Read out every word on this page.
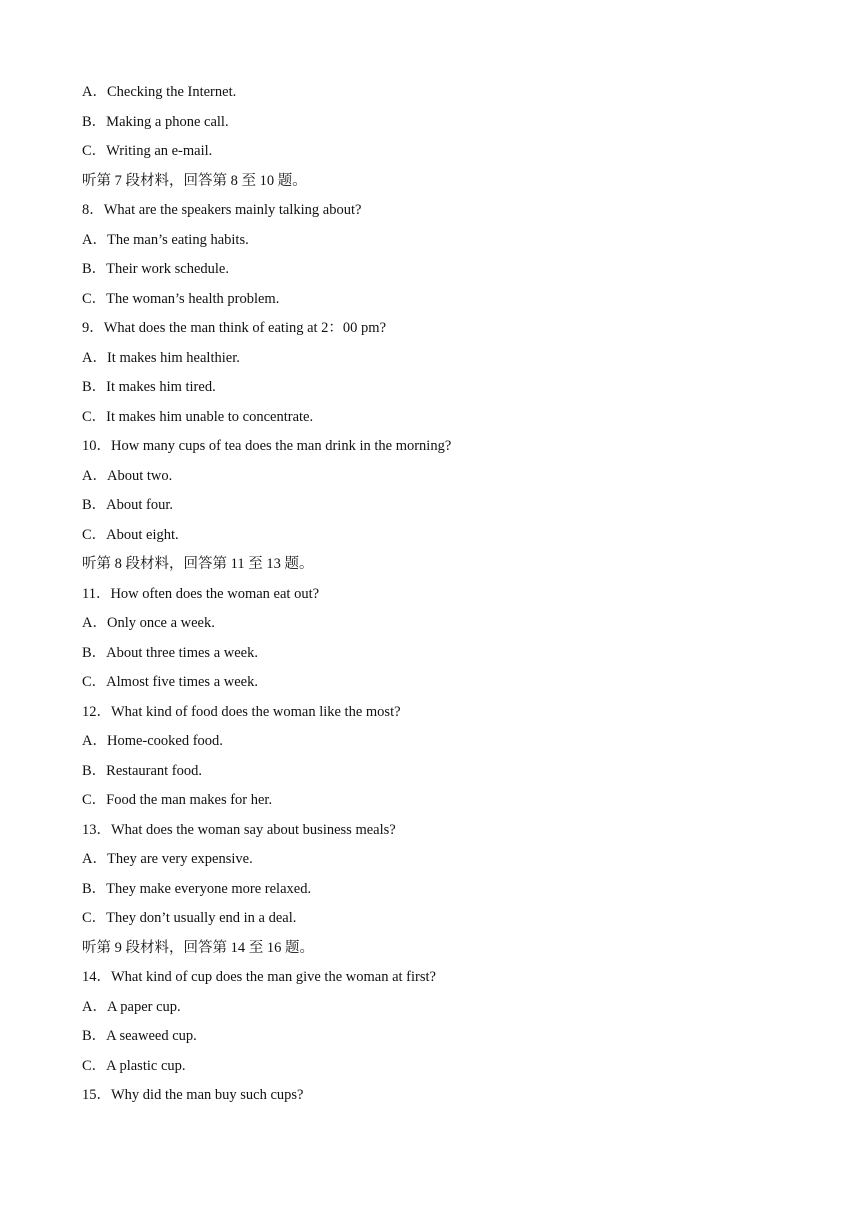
A．Checking the Internet.
B．Making a phone call.
C．Writing an e-mail.
听第 7 段材料，回答第 8 至 10 题。
8．What are the speakers mainly talking about?
A．The man’s eating habits.
B．Their work schedule.
C．The woman’s health problem.
9．What does the man think of eating at 2：00 pm?
A．It makes him healthier.
B．It makes him tired.
C．It makes him unable to concentrate.
10．How many cups of tea does the man drink in the morning?
A．About two.
B．About four.
C．About eight.
听第 8 段材料，回答第 11 至 13 题。
11．How often does the woman eat out?
A．Only once a week.
B．About three times a week.
C．Almost five times a week.
12．What kind of food does the woman like the most?
A．Home-cooked food.
B．Restaurant food.
C．Food the man makes for her.
13．What does the woman say about business meals?
A．They are very expensive.
B．They make everyone more relaxed.
C．They don’t usually end in a deal.
听第 9 段材料，回答第 14 至 16 题。
14．What kind of cup does the man give the woman at first?
A．A paper cup.
B．A seaweed cup.
C．A plastic cup.
15．Why did the man buy such cups?
